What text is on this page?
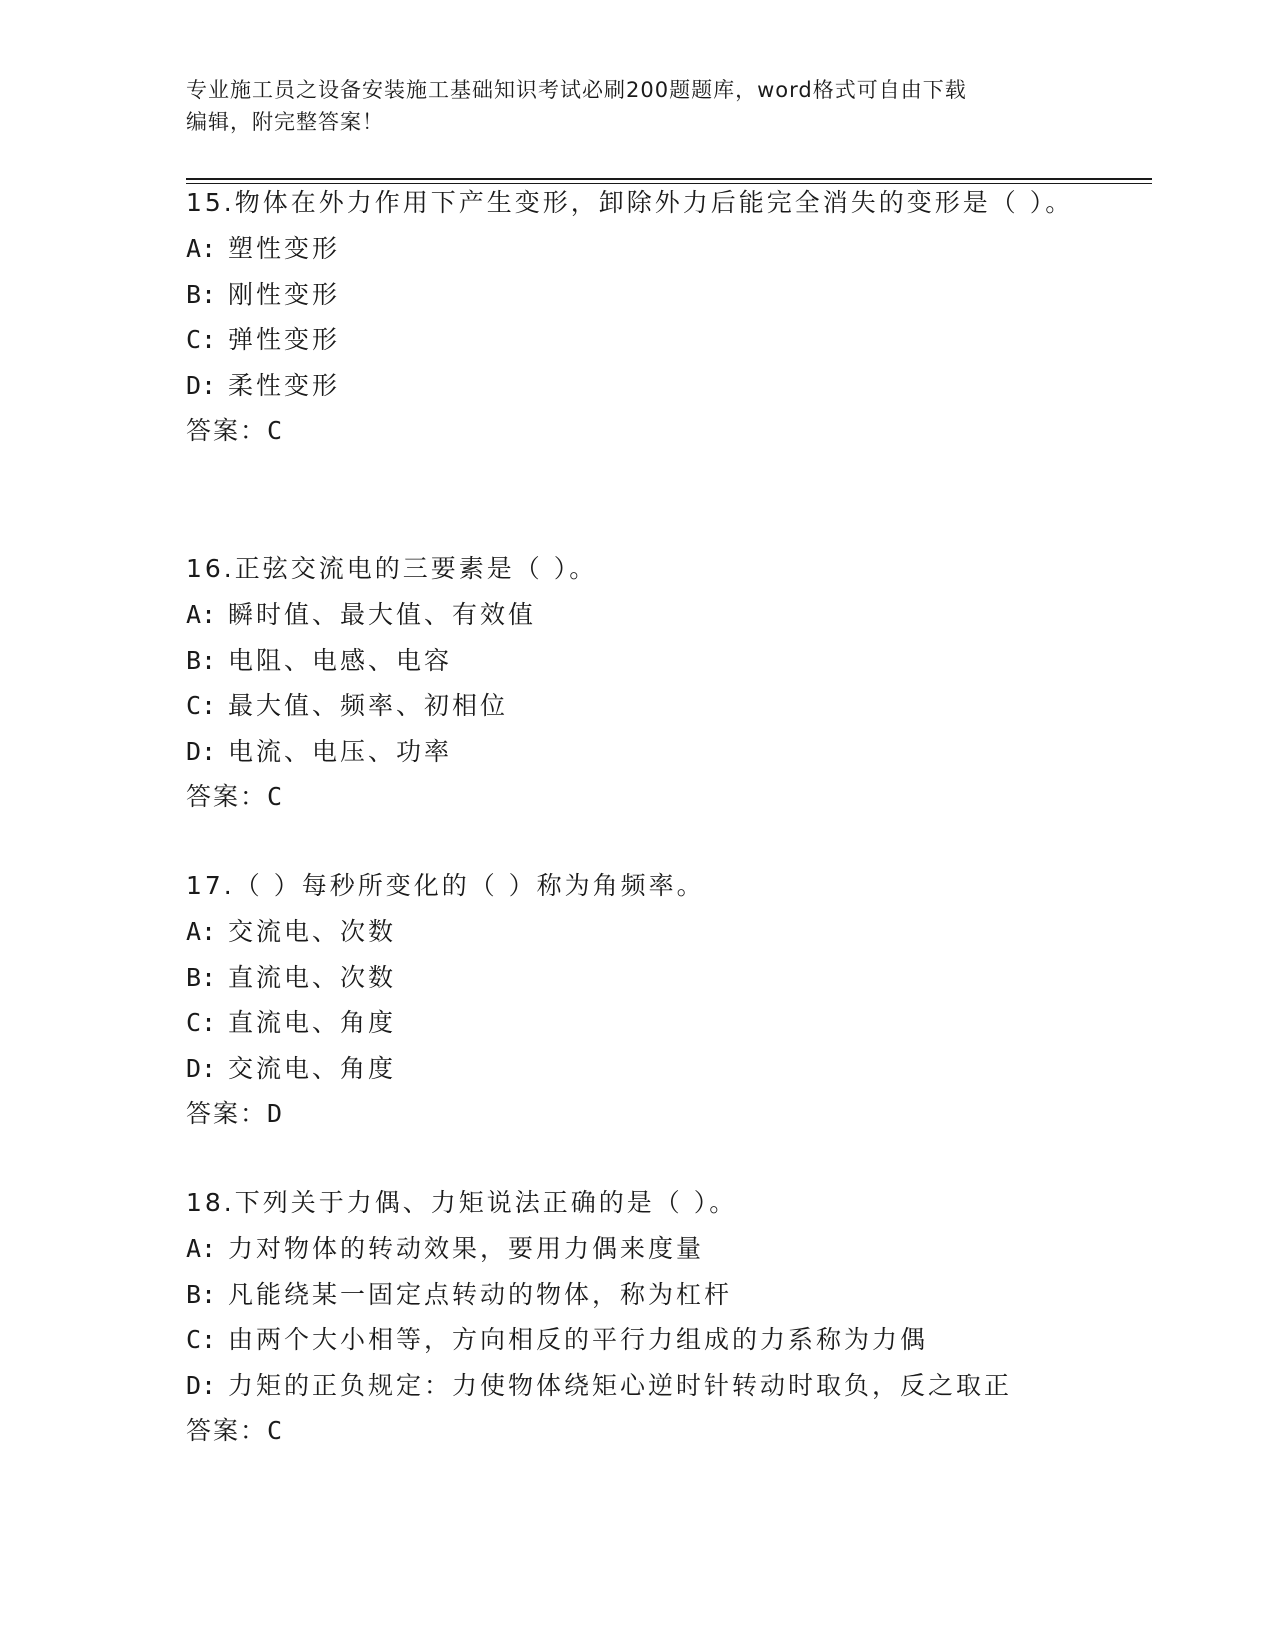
专业施工员之设备安装施工基础知识考试必刷200题题库，word格式可自由下载
编辑，附完整答案！

15.物体在外力作用下产生变形，卸除外力后能完全消失的变形是（ ）。

A: 塑性变形

B: 刚性变形

C: 弹性变形

D: 柔性变形

答案：C

16.正弦交流电的三要素是（ ）。

A: 瞬时值、最大值、有效值

B: 电阻、电感、电容

C: 最大值、频率、初相位

D: 电流、电压、功率

答案：C

17.（ ）每秒所变化的（ ）称为角频率。

A: 交流电、次数

B: 直流电、次数

C: 直流电、角度

D: 交流电、角度

答案：D

18.下列关于力偶、力矩说法正确的是（ ）。

A: 力对物体的转动效果，要用力偶来度量

B: 凡能绕某一固定点转动的物体，称为杠杆

C: 由两个大小相等，方向相反的平行力组成的力系称为力偶

D: 力矩的正负规定：力使物体绕矩心逆时针转动时取负，反之取正

答案：C
